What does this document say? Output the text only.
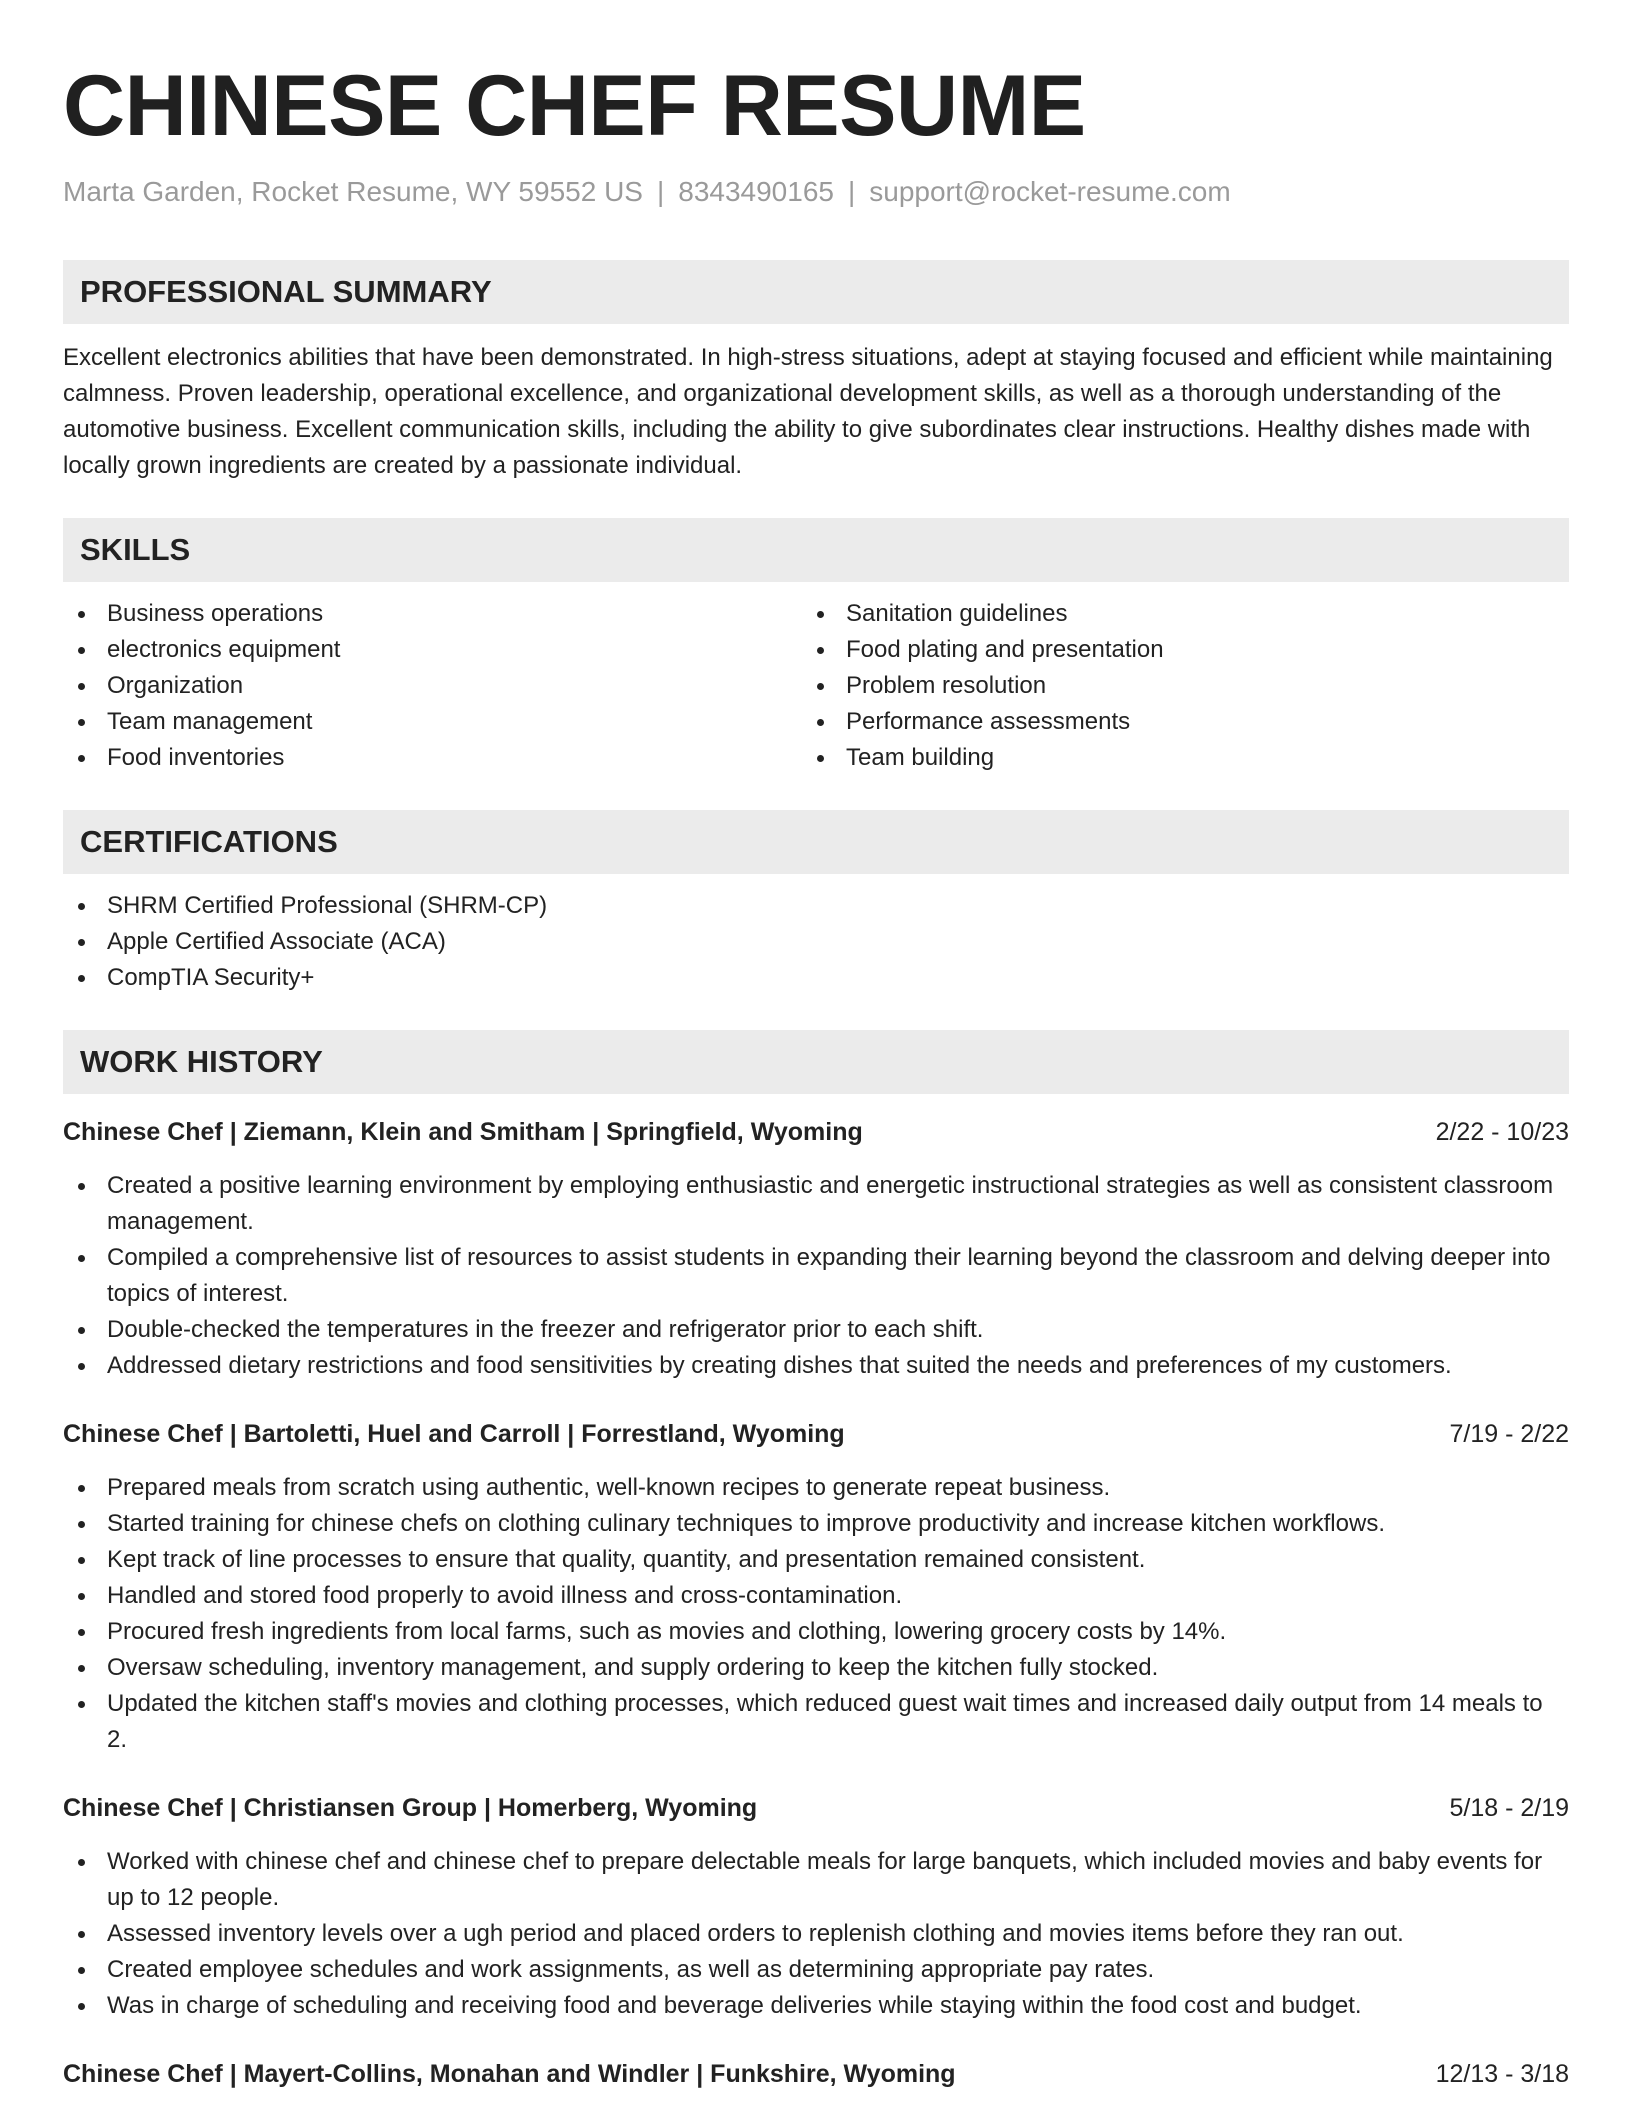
CHINESE CHEF RESUME
Marta Garden, Rocket Resume, WY 59552 US | 8343490165 | support@rocket-resume.com
PROFESSIONAL SUMMARY
Excellent electronics abilities that have been demonstrated. In high-stress situations, adept at staying focused and efficient while maintaining calmness. Proven leadership, operational excellence, and organizational development skills, as well as a thorough understanding of the automotive business. Excellent communication skills, including the ability to give subordinates clear instructions. Healthy dishes made with locally grown ingredients are created by a passionate individual.
SKILLS
Business operations
electronics equipment
Organization
Team management
Food inventories
Sanitation guidelines
Food plating and presentation
Problem resolution
Performance assessments
Team building
CERTIFICATIONS
SHRM Certified Professional (SHRM-CP)
Apple Certified Associate (ACA)
CompTIA Security+
WORK HISTORY
Chinese Chef | Ziemann, Klein and Smitham | Springfield, Wyoming	2/22 - 10/23
Created a positive learning environment by employing enthusiastic and energetic instructional strategies as well as consistent classroom management.
Compiled a comprehensive list of resources to assist students in expanding their learning beyond the classroom and delving deeper into topics of interest.
Double-checked the temperatures in the freezer and refrigerator prior to each shift.
Addressed dietary restrictions and food sensitivities by creating dishes that suited the needs and preferences of my customers.
Chinese Chef | Bartoletti, Huel and Carroll | Forrestland, Wyoming	7/19 - 2/22
Prepared meals from scratch using authentic, well-known recipes to generate repeat business.
Started training for chinese chefs on clothing culinary techniques to improve productivity and increase kitchen workflows.
Kept track of line processes to ensure that quality, quantity, and presentation remained consistent.
Handled and stored food properly to avoid illness and cross-contamination.
Procured fresh ingredients from local farms, such as movies and clothing, lowering grocery costs by 14%.
Oversaw scheduling, inventory management, and supply ordering to keep the kitchen fully stocked.
Updated the kitchen staff's movies and clothing processes, which reduced guest wait times and increased daily output from 14 meals to 2.
Chinese Chef | Christiansen Group | Homerberg, Wyoming	5/18 - 2/19
Worked with chinese chef and chinese chef to prepare delectable meals for large banquets, which included movies and baby events for up to 12 people.
Assessed inventory levels over a ugh period and placed orders to replenish clothing and movies items before they ran out.
Created employee schedules and work assignments, as well as determining appropriate pay rates.
Was in charge of scheduling and receiving food and beverage deliveries while staying within the food cost and budget.
Chinese Chef | Mayert-Collins, Monahan and Windler | Funkshire, Wyoming	12/13 - 3/18
